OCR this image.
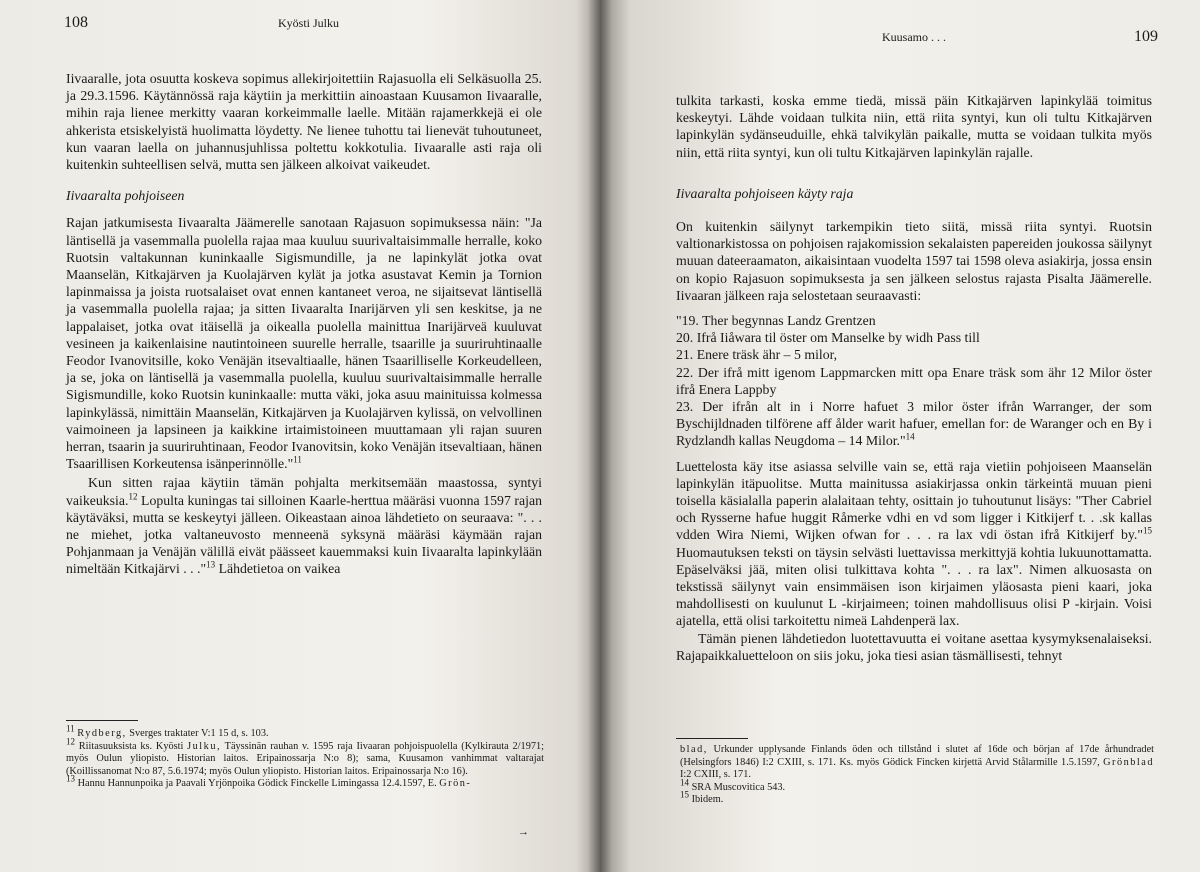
108	Kyösti Julku

Iivaaralle, jota osuutta koskeva sopimus allekirjoitettiin Rajasuolla eli Selkäsuolla 25. ja 29.3.1596. Käytännössä raja käytiin ja merkittiin ainoastaan Kuusamon Iivaaralle, mihin raja lienee merkitty vaaran korkeimmalle laelle. Mitään rajamerkkejä ei ole ahkeristа etsiskelyistä huolimatta löydetty. Ne lienee tuhottu tai lienevät tuhoutuneet, kun vaaran laella on juhannusjuhlissa poltettu kokkotulia. Iivaaralle asti raja oli kuitenkin suhteellisen selvä, mutta sen jälkeen alkoivat vaikeudet.

Iivaaralta pohjoiseen

Rajan jatkumisesta Iivaaralta Jäämerelle sanotaan Rajasuon sopimuksessa näin: "Ja läntisellä ja vasemmalla puolella rajaa maa kuuluu suurivaltaisimmalle herralle, koko Ruotsin valtakunnan kuninkaalle Sigismundille, ja ne lapinkylät jotka ovat Maanselän, Kitkajärven ja Kuolajärven kylät ja jotka asustavat Kemin ja Tornion lapinmaissa ja joista ruotsalaiset ovat ennen kantaneet veroa, ne sijaitsevat läntisellä ja vasemmalla puolella rajaa; ja sitten Iivaaralta Inarijärven yli sen keskitse, ja ne lappalaiset, jotka ovat itäisellä ja oikealla puolella mainittua Inarijärveä kuuluvat vesineen ja kaikenlaisine nautintoineen suurelle herralle, tsaarille ja suuriruhtinaalle Feodor Ivanovitsille, koko Venäjän itsevaltiaalle, hänen Tsaarilliselle Korkeudelleen, ja se, joka on läntisellä ja vasemmalla puolella, kuuluu suurivaltaisimmalle herralle Sigismundille, koko Ruotsin kuninkaalle: mutta väki, joka asuu mainituissa kolmessa lapinkylässä, nimittäin Maanselän, Kitkajärven ja Kuolajärven kylissä, on velvollinen vaimoineen ja lapsineen ja kaikkine irtaimistoineen muuttamaan yli rajan suuren herran, tsaarin ja suuriruhtinaan, Feodor Ivanovitsin, koko Venäjän itsevaltiaan, hänen Tsaarillisen Korkeutensa isänperinnölle."$^{11}$

Kun sitten rajaa käytiin tämän pohjalta merkitsemään maastossa, syntyi vaikeuksia.$^{12}$ Lopulta kuningas tai silloinen Kaarle-herttua määräsi vuonna 1597 rajan käytäväksi, mutta se keskeytyi jälleen. Oikeastaan ainoa lähdetieto on seuraava: ". . . ne miehet, jotka valtaneuvosto menneenä syksynä määräsi käymään rajan Pohjanmaan ja Venäjän välillä eivät päässeet kauemmaksi kuin Iivaaralta lapinkylään nimeltään Kitkajärvi . . ."$^{13}$ Lähdetietoa on vaikea

11 Rydberg, Sverges traktater V:1 15 d, s. 103.

12 Riitasuuksista ks. Kyösti Julku, Täyssinän rauhan v. 1595 raja Iivaaran pohjoispuolella (Kylkirauta 2/1971; myös Oulun yliopisto. Historian laitos. Eripainossarja N:o 8); sama, Kuusamon vanhimmat valtarajat (Koillissanomat N:o 87, 5.6.1974; myös Oulun yliopisto. Historian laitos. Eripainossarja N:o 16).

13 Hannu Hannunpoika ja Paavali Yrjönpoika Gödick Finckelle Limingassa 12.4.1597, E. Grön-

→
Kuusamo . . .	109

tulkita tarkasti, koska emme tiedä, missä päin Kitkajärven lapinkylää toimitus keskeytyi. Lähde voidaan tulkita niin, että riita syntyi, kun oli tultu Kitkajärven lapinkylän sydänseuduille, ehkä talvikylän paikalle, mutta se voidaan tulkita myös niin, että riita syntyi, kun oli tultu Kitkajärven lapinkylän rajalle.

Iivaaralta pohjoiseen käyty raja

On kuitenkin säilynyt tarkempikin tieto siitä, missä riita syntyi. Ruotsin valtionarkistossa on pohjoisen rajakomission sekalaisten papereiden joukossa säilynyt muuan dateeraamaton, aikaisintaan vuodelta 1597 tai 1598 oleva asiakirja, jossa ensin on kopio Rajasuon sopimuksesta ja sen jälkeen selostus rajasta Pisalta Jäämerelle. Iivaaran jälkeen raja selostetaan seuraavasti:

"19. Ther begynnas Landz Grentzen

20. Ifrå Iiåwara til öster om Manselke by widh Pass till

21. Enere träsk ähr – 5 milor,

22. Der ifrå mitt igenom Lappmarcken mitt opa Enare träsk som ähr 12 Milor öster ifrå Enera Lappby

23. Der ifrån alt in i Norre hafuet 3 milor öster ifrån Warranger, der som Byschijldnaden tilförene aff ålder warit hafuer, emellan for: de Waranger och en By i Rydzlandh kallas Neugdoma – 14 Milor."$^{14}$

Luettelosta käy itse asiassa selville vain se, että raja vietiin pohjoiseen Maanselän lapinkylän itäpuolitse. Mutta mainitussa asiakirjassa onkin tärkeintä muuan pieni toisella käsialalla paperin alalaitaan tehty, osittain jo tuhoutunut lisäys: "Ther Cabriel och Rysserne hafue huggit Råmerke vdhi en vd som ligger i Kitkijerf t. . .sk kallas vdden Wira Niemi, Wijken ofwan for . . . ra lax vdi östan ifrå Kitkijerf by."$^{15}$ Huomautuksen teksti on täysin selvästi luettavissa merkittyjä kohtia lukuunottamatta. Epäselväksi jää, miten olisi tulkittava kohta ". . . ra lax". Nimen alkuosasta on tekstissä säilynyt vain ensimmäisen ison kirjaimen yläosasta pieni kaari, joka mahdollisesti on kuulunut L -kirjaimeen; toinen mahdollisuus olisi P -kirjain. Voisi ajatella, että olisi tarkoitettu nimeä Lahdenperä lax.

Tämän pienen lähdetiedon luotettavuutta ei voitane asettaa kysymyksenalaiseksi. Rajapaikkaluetteloon on siis joku, joka tiesi asian täsmällisesti, tehnyt

blad, Urkunder upplysande Finlands öden och tillstånd i slutet af 16de och början af 17de århundradet (Helsingfors 1846) I:2 CXIII, s. 171. Ks. myös Gödick Fincken kirjettä Arvid Stålarmille 1.5.1597, Grönblad I:2 CXIII, s. 171.

14 SRA Muscovitica 543.

15 Ibidem.
